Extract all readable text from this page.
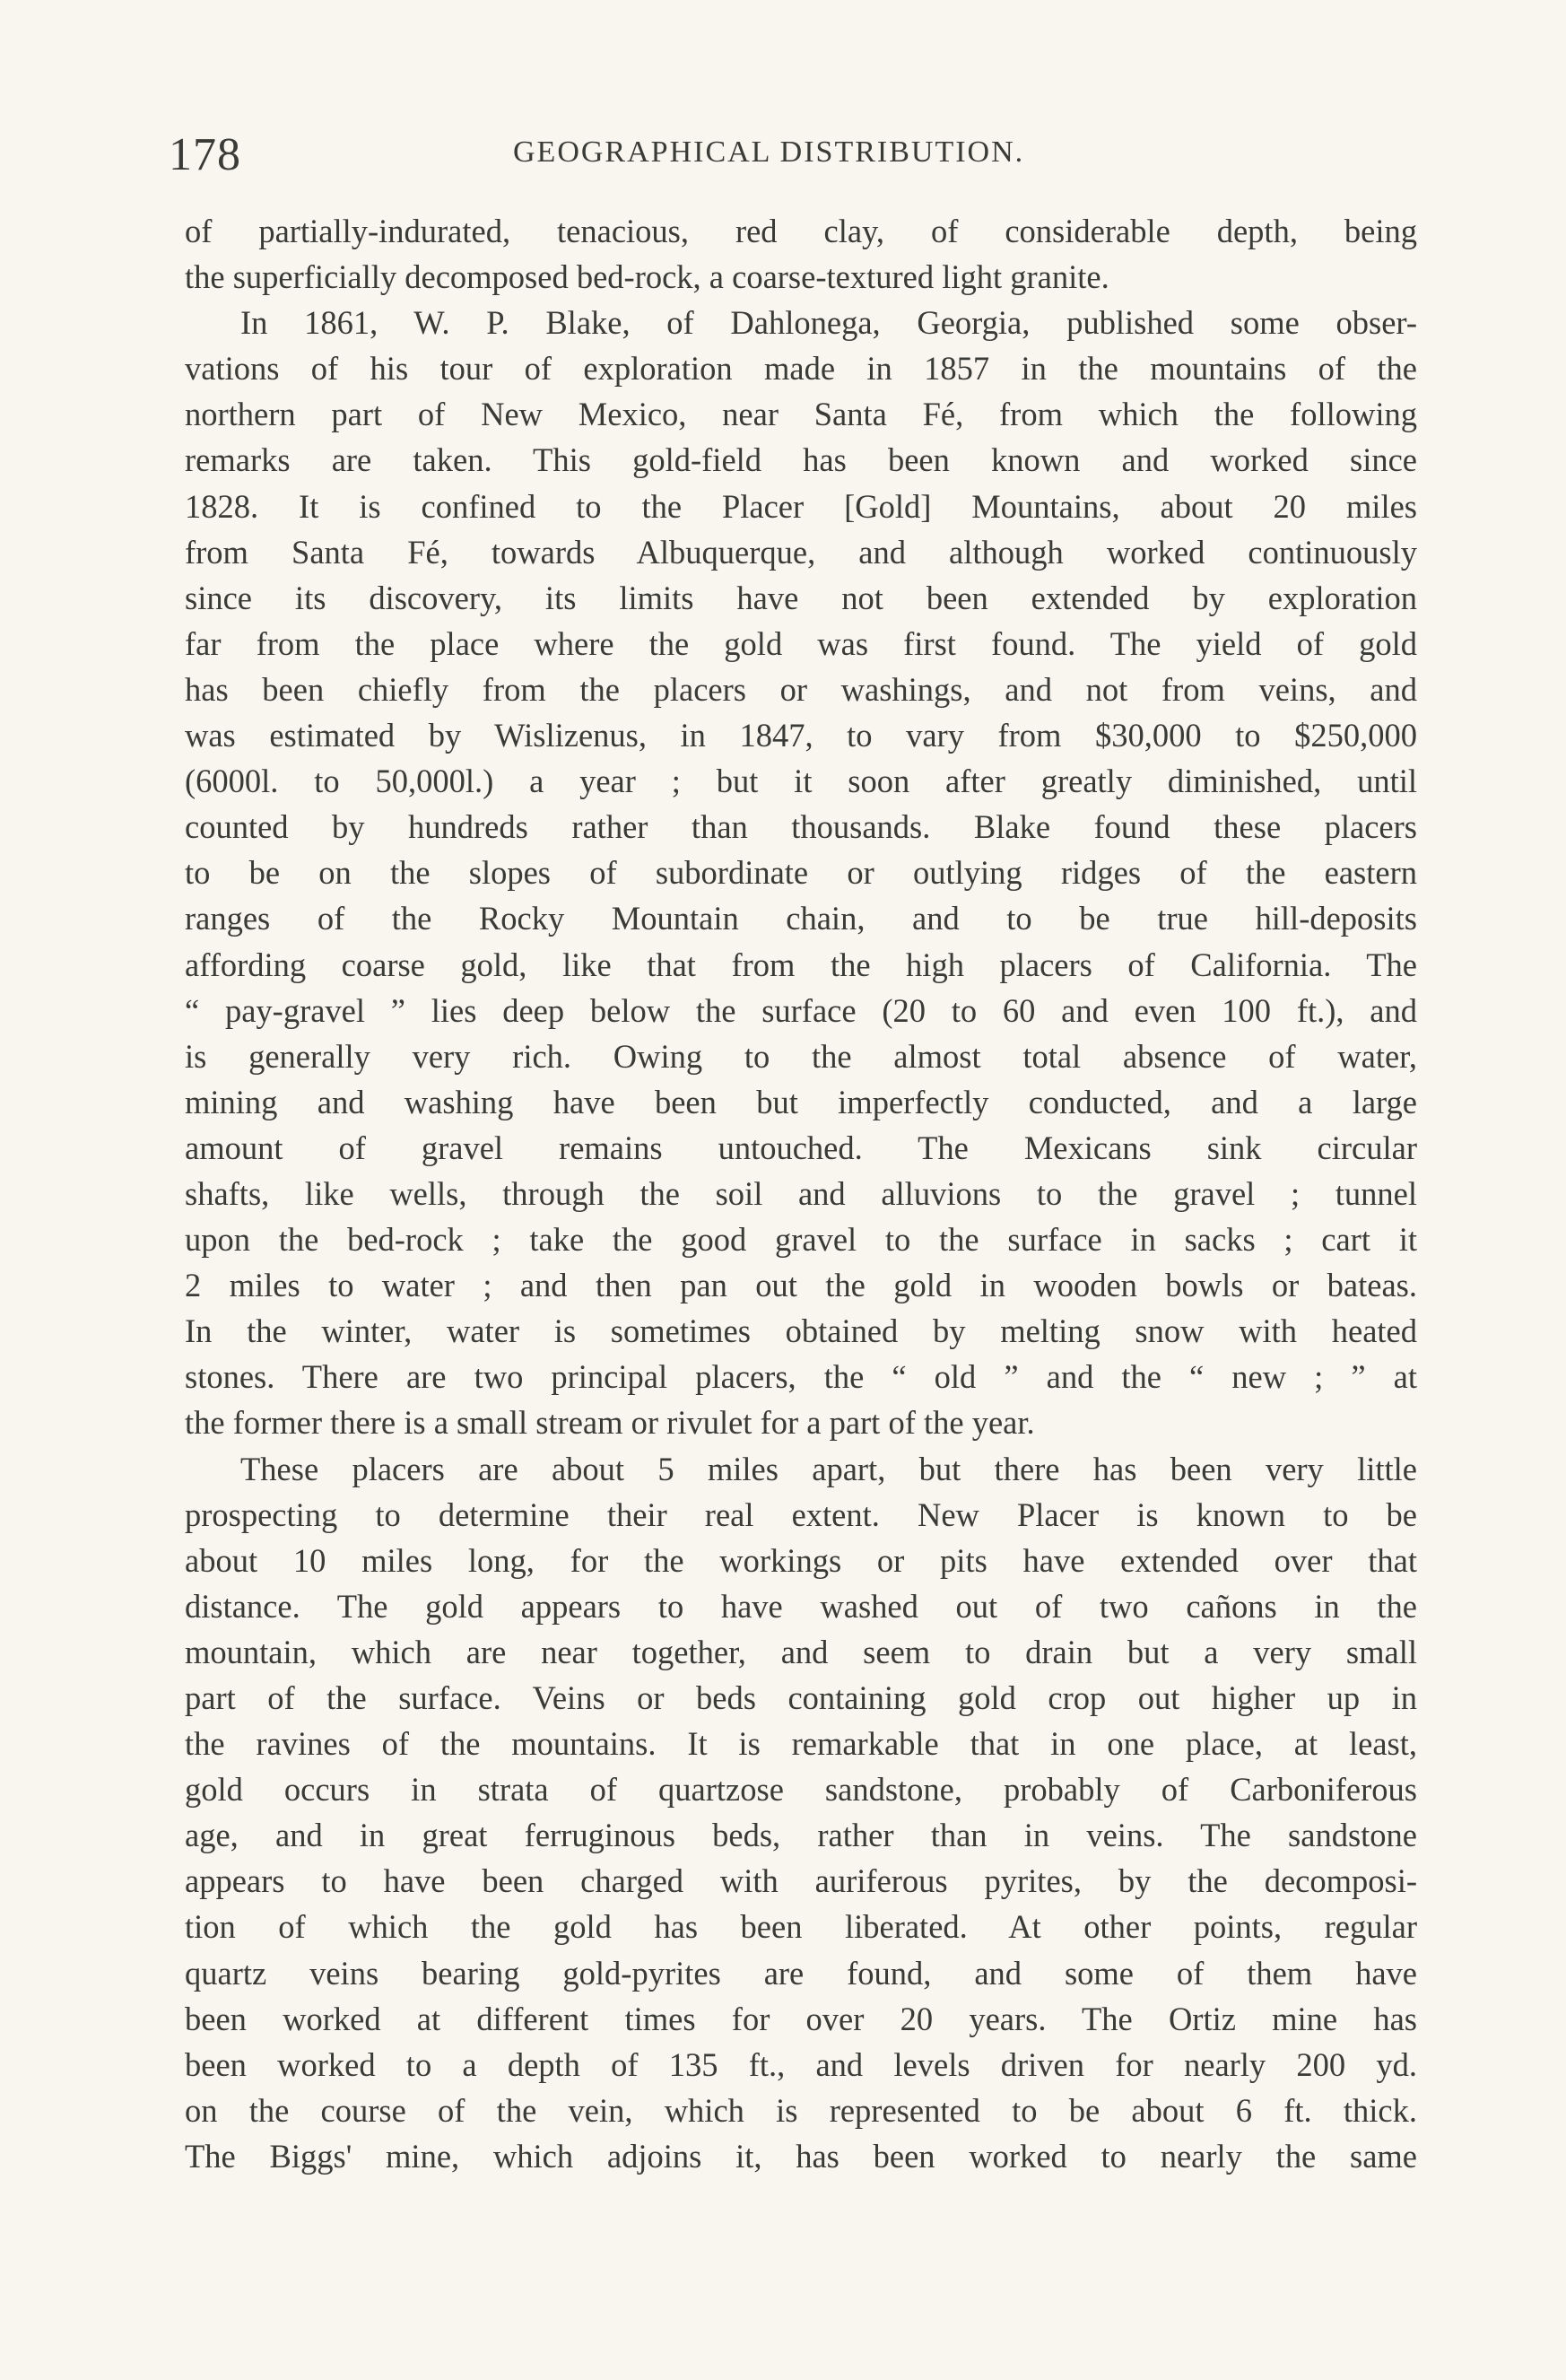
178	GEOGRAPHICAL DISTRIBUTION.
of partially-indurated, tenacious, red clay, of considerable depth, being
the superficially decomposed bed-rock, a coarse-textured light granite.
In 1861, W. P. Blake, of Dahlonega, Georgia, published some obser-
vations of his tour of exploration made in 1857 in the mountains of the
northern part of New Mexico, near Santa Fé, from which the following
remarks are taken. This gold-field has been known and worked since
1828. It is confined to the Placer [Gold] Mountains, about 20 miles
from Santa Fé, towards Albuquerque, and although worked continuously
since its discovery, its limits have not been extended by exploration
far from the place where the gold was first found. The yield of gold
has been chiefly from the placers or washings, and not from veins, and
was estimated by Wislizenus, in 1847, to vary from $30,000 to $250,000
(6000l. to 50,000l.) a year ; but it soon after greatly diminished, until
counted by hundreds rather than thousands. Blake found these placers
to be on the slopes of subordinate or outlying ridges of the eastern
ranges of the Rocky Mountain chain, and to be true hill-deposits
affording coarse gold, like that from the high placers of California. The
“ pay-gravel ” lies deep below the surface (20 to 60 and even 100 ft.), and
is generally very rich. Owing to the almost total absence of water,
mining and washing have been but imperfectly conducted, and a large
amount of gravel remains untouched. The Mexicans sink circular
shafts, like wells, through the soil and alluvions to the gravel ; tunnel
upon the bed-rock ; take the good gravel to the surface in sacks ; cart it
2 miles to water ; and then pan out the gold in wooden bowls or bateas.
In the winter, water is sometimes obtained by melting snow with heated
stones. There are two principal placers, the “ old ” and the “ new ; ” at
the former there is a small stream or rivulet for a part of the year.
These placers are about 5 miles apart, but there has been very little
prospecting to determine their real extent. New Placer is known to be
about 10 miles long, for the workings or pits have extended over that
distance. The gold appears to have washed out of two cañons in the
mountain, which are near together, and seem to drain but a very small
part of the surface. Veins or beds containing gold crop out higher up in
the ravines of the mountains. It is remarkable that in one place, at least,
gold occurs in strata of quartzose sandstone, probably of Carboniferous
age, and in great ferruginous beds, rather than in veins. The sandstone
appears to have been charged with auriferous pyrites, by the decomposi-
tion of which the gold has been liberated. At other points, regular
quartz veins bearing gold-pyrites are found, and some of them have
been worked at different times for over 20 years. The Ortiz mine has
been worked to a depth of 135 ft., and levels driven for nearly 200 yd.
on the course of the vein, which is represented to be about 6 ft. thick.
The Biggs' mine, which adjoins it, has been worked to nearly the same
